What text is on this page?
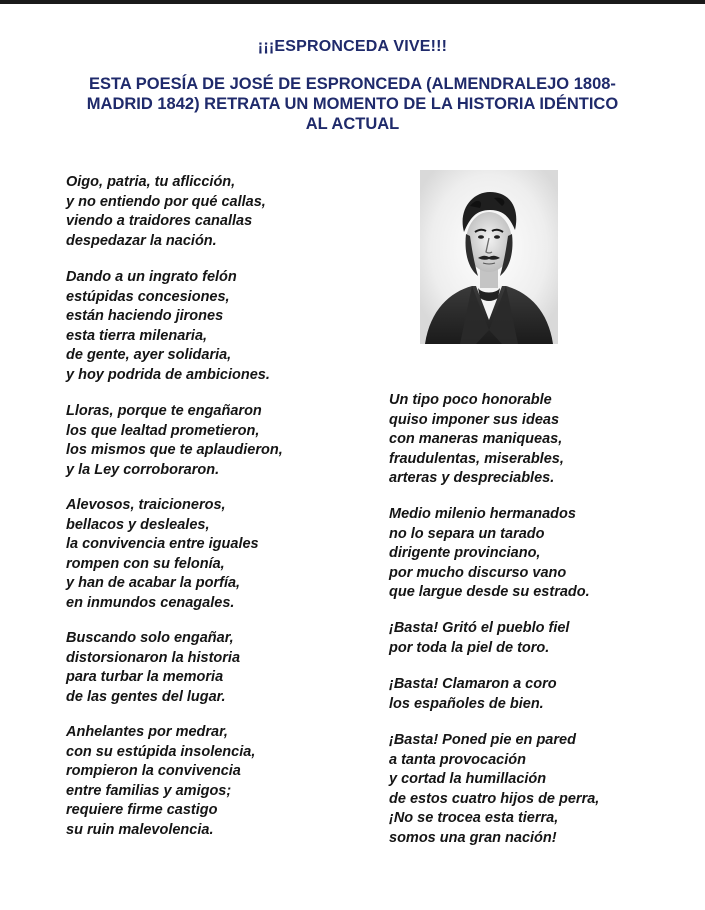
¡¡¡ESPRONCEDA VIVE!!!
ESTA POESÍA DE JOSÉ DE ESPRONCEDA (ALMENDRALEJO 1808-
MADRID 1842) RETRATA UN MOMENTO DE LA HISTORIA IDÉNTICO
AL ACTUAL
Oigo, patria, tu aflicción,
y no entiendo por qué callas,
viendo a traidores canallas
despedazar la nación.
Dando a un ingrato felón
estúpidas concesiones,
están haciendo jirones
esta tierra milenaria,
de gente, ayer solidaria,
y hoy podrida de ambiciones.
Lloras, porque te engañaron
los que lealtad prometieron,
los mismos que te aplaudieron,
y la Ley corroboraron.
Alevosos, traicioneros,
bellacos y desleales,
la convivencia entre iguales
rompen con su felonía,
y han de acabar la porfía,
en inmundos cenagales.
Buscando solo engañar,
distorsionaron la historia
para turbar la memoria
de las gentes del lugar.
Anhelantes por medrar,
con su estúpida insolencia,
rompieron la convivencia
entre familias y amigos;
requiere firme castigo
su ruin malevolencia.
Un tipo poco honorable
quiso imponer sus ideas
con maneras maniqueas,
fraudulentas, miserables,
arteras y despreciables.
Medio milenio hermanados
no lo separa un tarado
dirigente provinciano,
por mucho discurso vano
que largue desde su estrado.
¡Basta! Gritó el pueblo fiel
por toda la piel de toro.
¡Basta! Clamaron a coro
los españoles de bien.
¡Basta! Poned pie en pared
a tanta provocación
y cortad la humillación
de estos cuatro hijos de perra,
¡No se trocea esta tierra,
somos una gran nación!
